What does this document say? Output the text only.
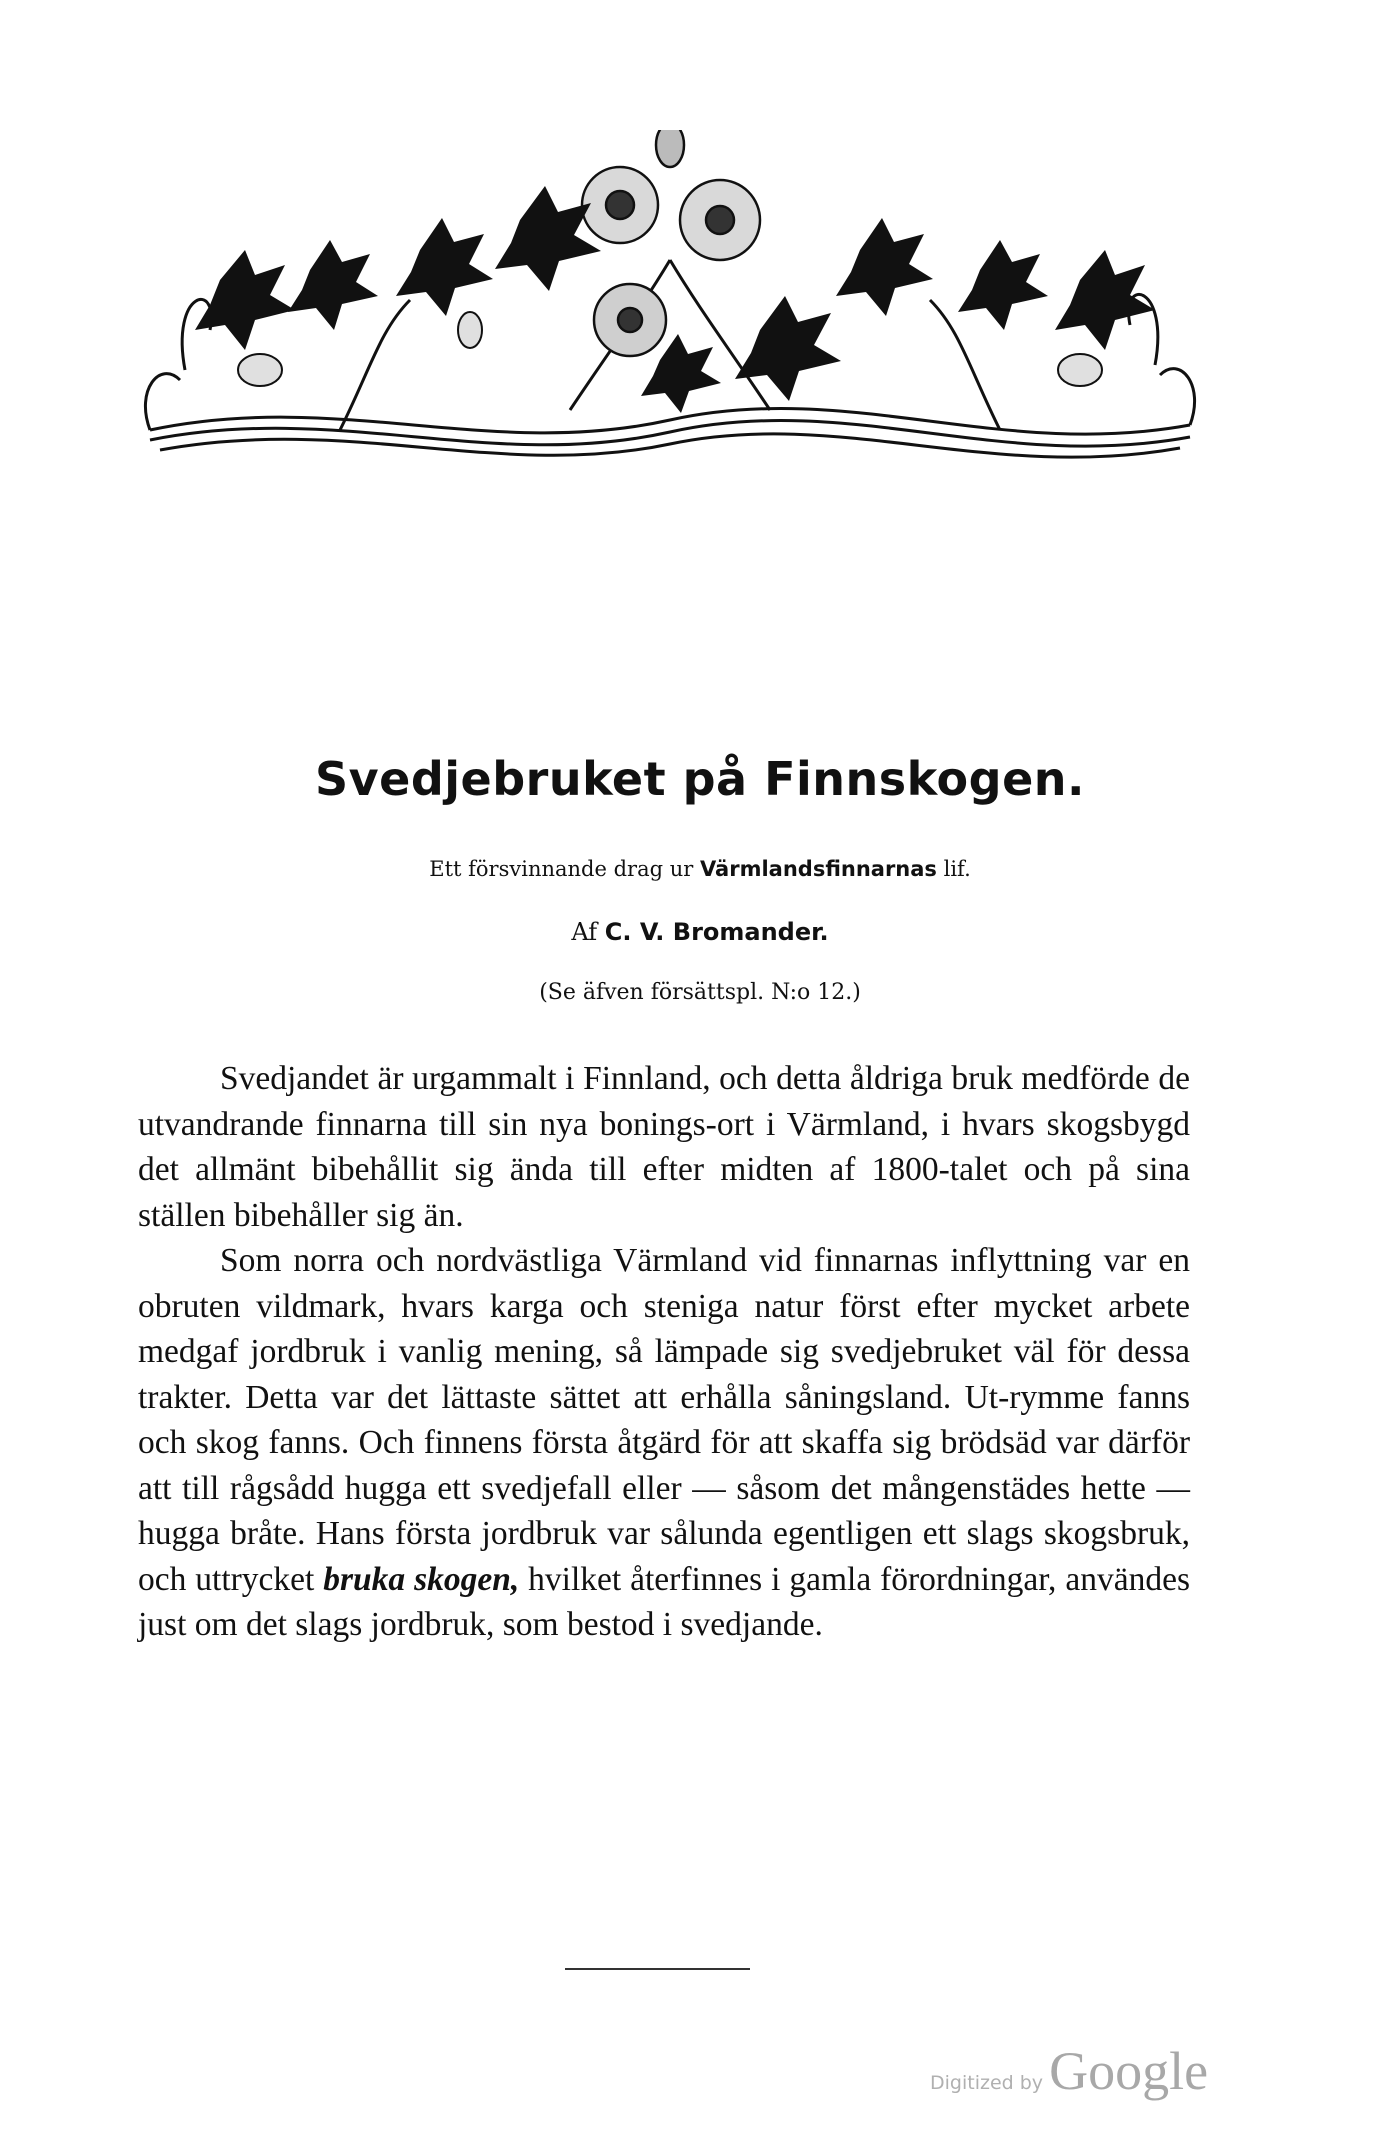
Svedjebruket på Finnskogen.
Ett försvinnande drag ur Värmlandsfinnarnas lif.
Af C. V. Bromander.
(Se äfven försättspl. N:o 12.)

Svedjandet är urgammalt i Finnland, och detta åldriga bruk medförde de utvandrande finnarna till sin nya bonings-ort i Värmland, i hvars skogsbygd det allmänt bibehållit sig ända till efter midten af 1800-talet och på sina ställen bibehåller sig än.

Som norra och nordvästliga Värmland vid finnarnas inflyttning var en obruten vildmark, hvars karga och steniga natur först efter mycket arbete medgaf jordbruk i vanlig mening, så lämpade sig svedjebruket väl för dessa trakter. Detta var det lättaste sättet att erhålla såningsland. Ut-rymme fanns och skog fanns. Och finnens första åtgärd för att skaffa sig brödsäd var därför att till rågsådd hugga ett svedjefall eller — såsom det mångenstädes hette — hugga bråte. Hans första jordbruk var sålunda egentligen ett slags skogsbruk, och uttrycket bruka skogen, hvilket återfinnes i gamla förordningar, användes just om det slags jordbruk, som bestod i svedjande.

Digitized by Google
